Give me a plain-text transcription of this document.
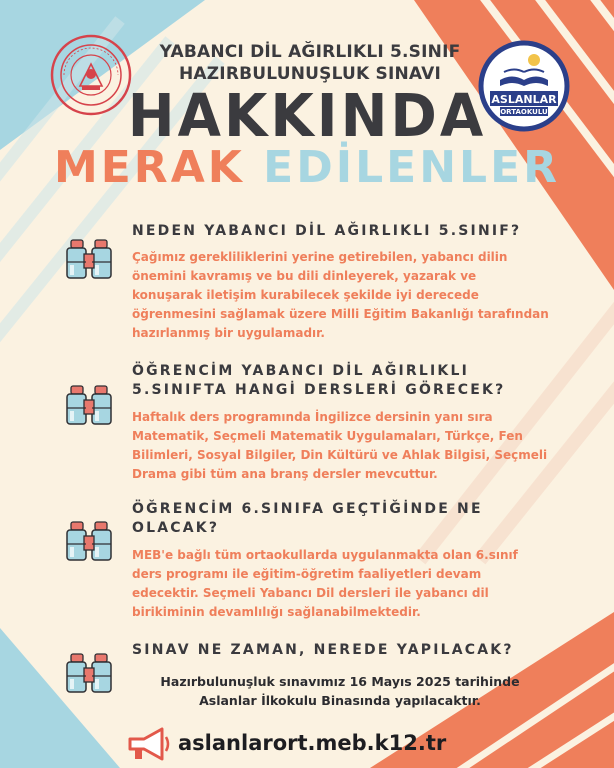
YABANCI DİL AĞIRLIKLI 5.SINIF
HAZIRBULUNUŞLUK SINAVI
ASLANLAR
ORTAOKULU
HAKKINDA
MERAK EDİLENLER
NEDEN YABANCI DİL AĞIRLIKLI 5.SINIF?
Çağımız gerekliliklerini yerine getirebilen, yabancı dilin
önemini kavramış ve bu dili dinleyerek, yazarak ve
konuşarak iletişim kurabilecek şekilde iyi derecede
öğrenmesini sağlamak üzere Milli Eğitim Bakanlığı tarafından
hazırlanmış bir uygulamadır.
ÖĞRENCİM YABANCI DİL AĞIRLIKLI
5.SINIFTA HANGİ DERSLERİ GÖRECEK?
Haftalık ders programında İngilizce dersinin yanı sıra
Matematik, Seçmeli Matematik Uygulamaları, Türkçe, Fen
Bilimleri, Sosyal Bilgiler, Din Kültürü ve Ahlak Bilgisi, Seçmeli
Drama gibi tüm ana branş dersler mevcuttur.
ÖĞRENCİM 6.SINIFA GEÇTİĞİNDE NE
OLACAK?
MEB'e bağlı tüm ortaokullarda uygulanmakta olan 6.sınıf
ders programı ile eğitim-öğretim faaliyetleri devam
edecektir. Seçmeli Yabancı Dil dersleri ile yabancı dil
birikiminin devamlılığı sağlanabilmektedir.
SINAV NE ZAMAN, NEREDE YAPILACAK?
Hazırbulunuşluk sınavımız 16 Mayıs 2025 tarihinde
Aslanlar İlkokulu Binasında yapılacaktır.
aslanlarort.meb.k12.tr
